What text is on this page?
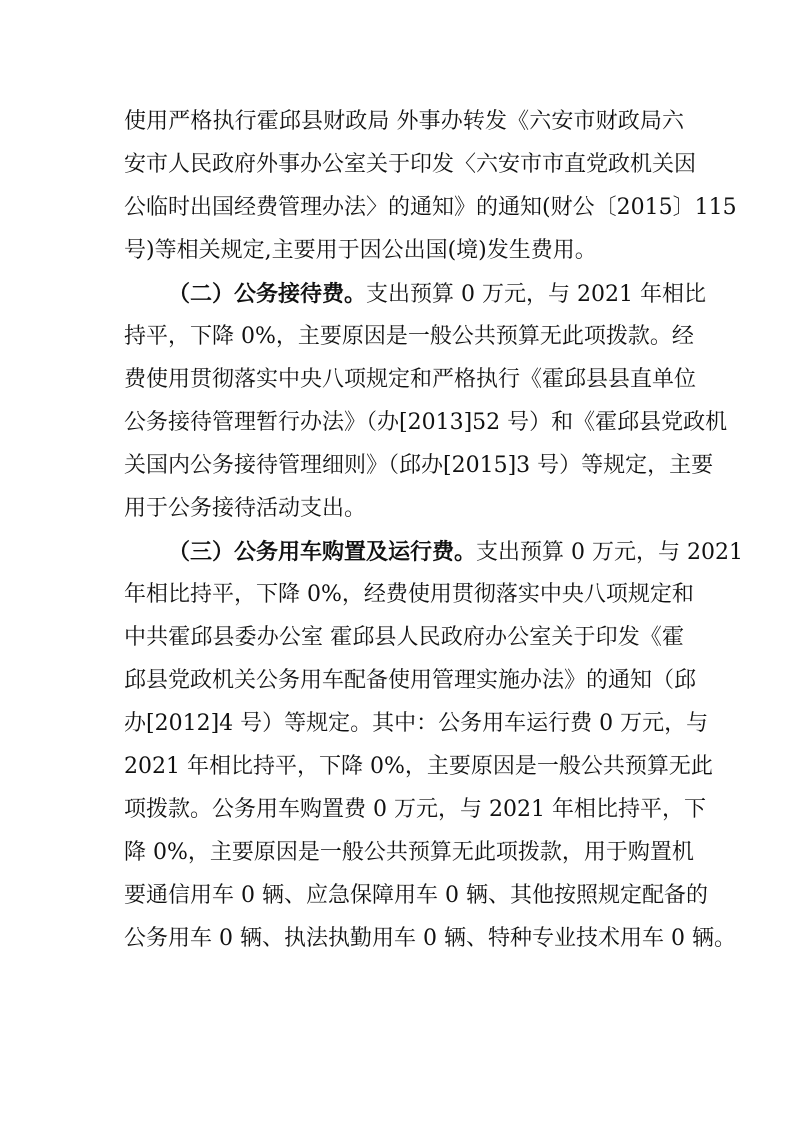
使用严格执行霍邱县财政局 外事办转发《六安市财政局六
安市人民政府外事办公室关于印发〈六安市市直党政机关因
公临时出国经费管理办法〉的通知》的通知(财公〔2015〕115
号)等相关规定,主要用于因公出国(境)发生费用。
（二）公务接待费。支出预算 0 万元，与 2021 年相比
持平，下降 0%，主要原因是一般公共预算无此项拨款。经
费使用贯彻落实中央八项规定和严格执行《霍邱县县直单位
公务接待管理暂行办法》（办[2013]52 号）和《霍邱县党政机
关国内公务接待管理细则》（邱办[2015]3 号）等规定，主要
用于公务接待活动支出。
（三）公务用车购置及运行费。支出预算 0 万元，与 2021
年相比持平，下降 0%，经费使用贯彻落实中央八项规定和
中共霍邱县委办公室 霍邱县人民政府办公室关于印发《霍
邱县党政机关公务用车配备使用管理实施办法》的通知（邱
办[2012]4 号）等规定。其中：公务用车运行费 0 万元，与
2021 年相比持平，下降 0%，主要原因是一般公共预算无此
项拨款。公务用车购置费 0 万元，与 2021 年相比持平，下
降 0%，主要原因是一般公共预算无此项拨款，用于购置机
要通信用车 0 辆、应急保障用车 0 辆、其他按照规定配备的
公务用车 0 辆、执法执勤用车 0 辆、特种专业技术用车 0 辆。
